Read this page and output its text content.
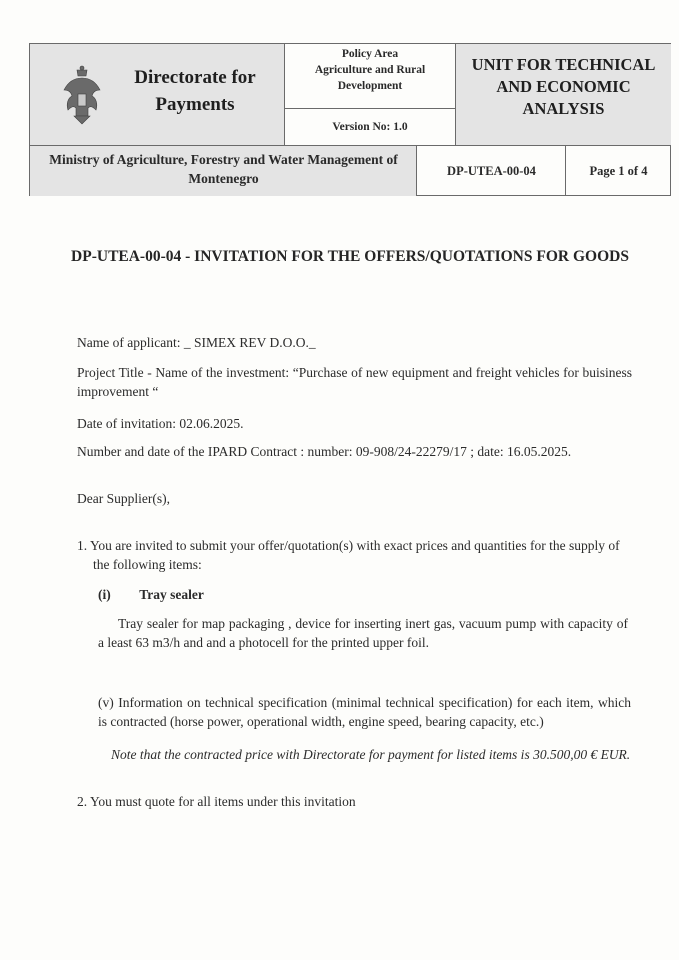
Directorate for Payments
Policy Area
Agriculture and Rural Development
Version No: 1.0
UNIT FOR TECHNICAL AND ECONOMIC ANALYSIS
Ministry of Agriculture, Forestry and Water Management of Montenegro	DP-UTEA-00-04	Page 1 of 4
DP-UTEA-00-04 - INVITATION FOR THE OFFERS/QUOTATIONS FOR GOODS
Name of applicant: _ SIMEX REV D.O.O._
Project Title - Name of the investment: “Purchase of new equipment and freight vehicles for buisiness improvement “
Date of invitation: 02.06.2025.
Number and date of the IPARD Contract : number: 09-908/24-22279/17 ; date: 16.05.2025.
Dear Supplier(s),
1. You are invited to submit your offer/quotation(s) with exact prices and quantities for the supply of the following items:
(i) Tray sealer
Tray sealer for map packaging , device for inserting inert gas, vacuum pump with capacity of a least 63 m3/h and and a photocell for the printed upper foil.
(v) Information on technical specification (minimal technical specification) for each item, which is contracted (horse power, operational width, engine speed, bearing capacity, etc.)
Note that the contracted price with Directorate for payment for listed items is 30.500,00 € EUR.
2. You must quote for all items under this invitation
